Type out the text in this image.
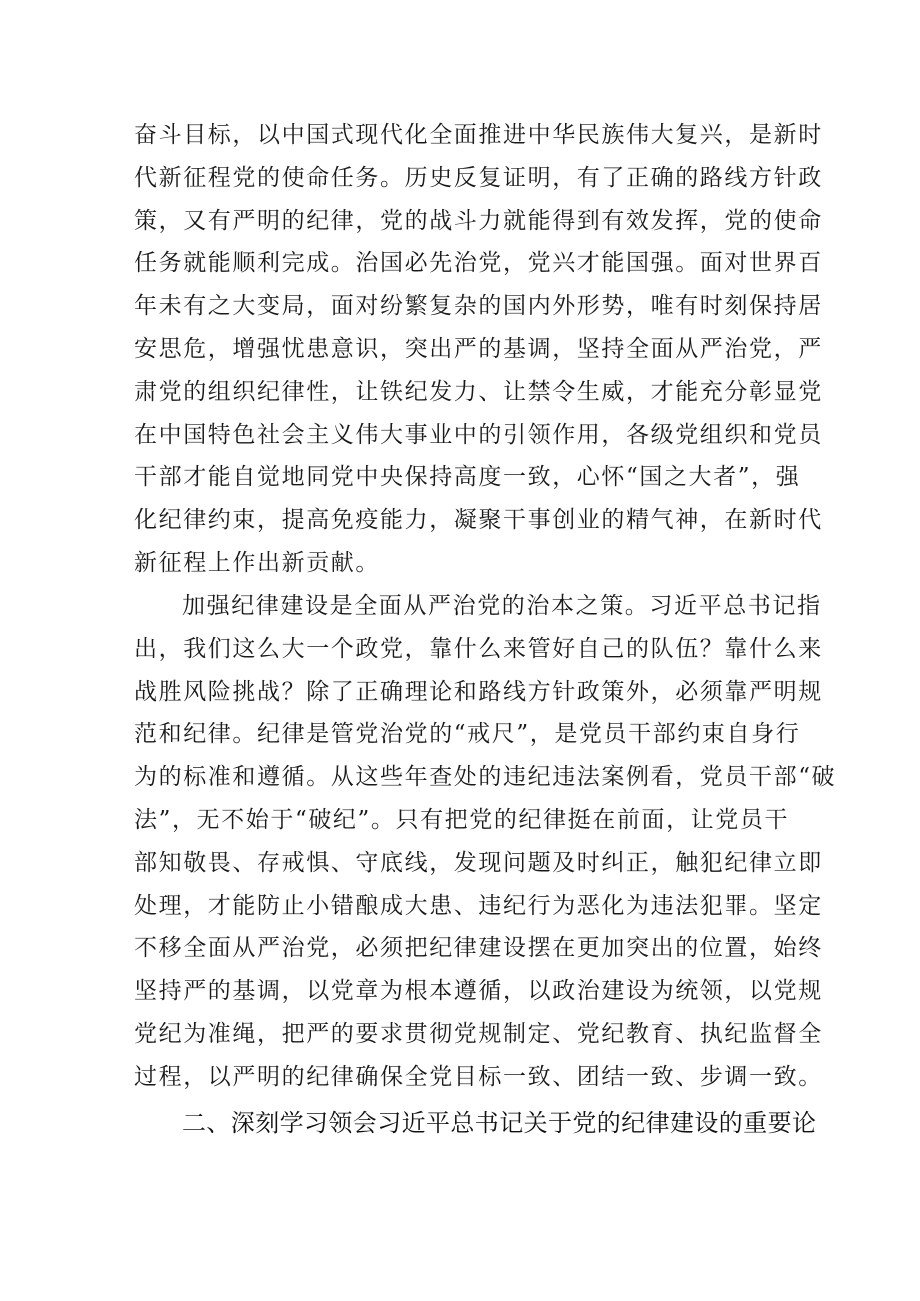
奋斗目标，以中国式现代化全面推进中华民族伟大复兴，是新时
代新征程党的使命任务。历史反复证明，有了正确的路线方针政
策，又有严明的纪律，党的战斗力就能得到有效发挥，党的使命
任务就能顺利完成。治国必先治党，党兴才能国强。面对世界百
年未有之大变局，面对纷繁复杂的国内外形势，唯有时刻保持居
安思危，增强忧患意识，突出严的基调，坚持全面从严治党，严
肃党的组织纪律性，让铁纪发力、让禁令生威，才能充分彰显党
在中国特色社会主义伟大事业中的引领作用，各级党组织和党员
干部才能自觉地同党中央保持高度一致，心怀“国之大者”，强
化纪律约束，提高免疫能力，凝聚干事创业的精气神，在新时代
新征程上作出新贡献。
加强纪律建设是全面从严治党的治本之策。习近平总书记指
出，我们这么大一个政党，靠什么来管好自己的队伍？靠什么来
战胜风险挑战？除了正确理论和路线方针政策外，必须靠严明规
范和纪律。纪律是管党治党的“戒尺”，是党员干部约束自身行
为的标准和遵循。从这些年查处的违纪违法案例看，党员干部“破
法”，无不始于“破纪”。只有把党的纪律挺在前面，让党员干
部知敬畏、存戒惧、守底线，发现问题及时纠正，触犯纪律立即
处理，才能防止小错酿成大患、违纪行为恶化为违法犯罪。坚定
不移全面从严治党，必须把纪律建设摆在更加突出的位置，始终
坚持严的基调，以党章为根本遵循，以政治建设为统领，以党规
党纪为准绳，把严的要求贯彻党规制定、党纪教育、执纪监督全
过程，以严明的纪律确保全党目标一致、团结一致、步调一致。
二、深刻学习领会习近平总书记关于党的纪律建设的重要论
